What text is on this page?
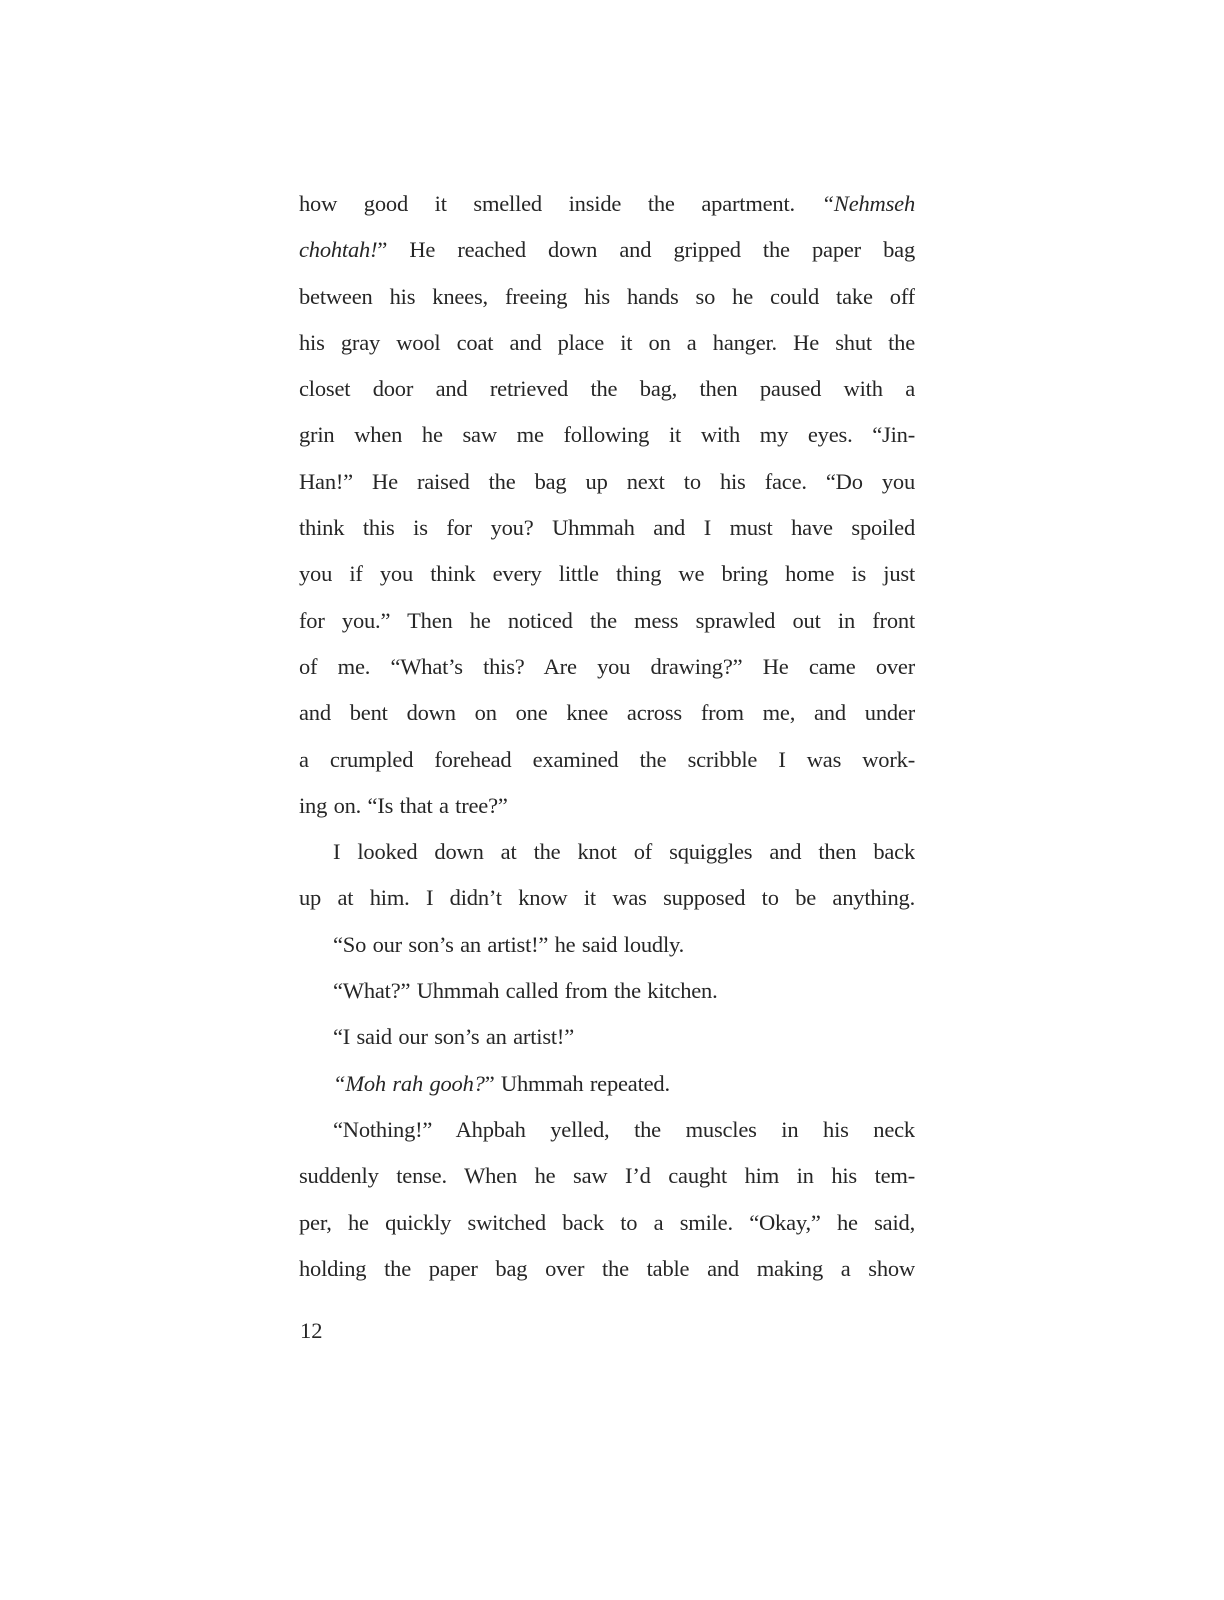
how good it smelled inside the apartment. “Nehmseh
chohtah!” He reached down and gripped the paper bag
between his knees, freeing his hands so he could take off
his gray wool coat and place it on a hanger. He shut the
closet door and retrieved the bag, then paused with a
grin when he saw me following it with my eyes. “Jin-
Han!” He raised the bag up next to his face. “Do you
think this is for you? Uhmmah and I must have spoiled
you if you think every little thing we bring home is just
for you.” Then he noticed the mess sprawled out in front
of me. “What’s this? Are you drawing?” He came over
and bent down on one knee across from me, and under
a crumpled forehead examined the scribble I was work-
ing on. “Is that a tree?”
I looked down at the knot of squiggles and then back
up at him. I didn’t know it was supposed to be anything.
“So our son’s an artist!” he said loudly.
“What?” Uhmmah called from the kitchen.
“I said our son’s an artist!”
“Moh rah gooh?” Uhmmah repeated.
“Nothing!” Ahpbah yelled, the muscles in his neck
suddenly tense. When he saw I’d caught him in his tem-
per, he quickly switched back to a smile. “Okay,” he said,
holding the paper bag over the table and making a show
12
